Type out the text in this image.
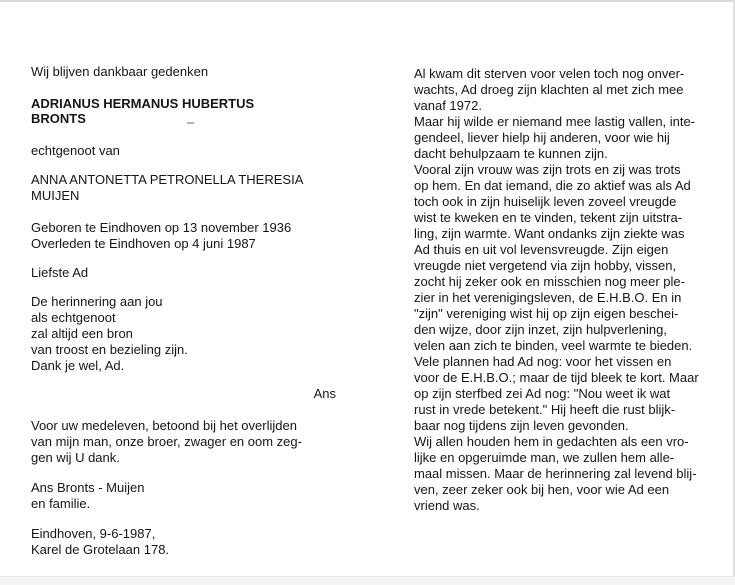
Wij blijven dankbaar gedenken

ADRIANUS HERMANUS HUBERTUS
BRONTS

echtgenoot van

ANNA ANTONETTA PETRONELLA THERESIA
MUIJEN

Geboren te Eindhoven op 13 november 1936
Overleden te Eindhoven op 4 juni 1987

Liefste Ad

De herinnering aan jou
als echtgenoot
zal altijd een bron
van troost en bezieling zijn.
Dank je wel, Ad.

Ans

Voor uw medeleven, betoond bij het overlijden
van mijn man, onze broer, zwager en oom zeg-
gen wij U dank.

Ans Bronts - Muijen
en familie.

Eindhoven, 9-6-1987,
Karel de Grotelaan 178.

Al kwam dit sterven voor velen toch nog onver-
wachts, Ad droeg zijn klachten al met zich mee
vanaf 1972.

Maar hij wilde er niemand mee lastig vallen, inte-
gendeel, liever hielp hij anderen, voor wie hij
dacht behulpzaam te kunnen zijn.

Vooral zijn vrouw was zijn trots en zij was trots
op hem. En dat iemand, die zo aktief was als Ad
toch ook in zijn huiselijk leven zoveel vreugde
wist te kweken en te vinden, tekent zijn uitstra-
ling, zijn warmte. Want ondanks zijn ziekte was
Ad thuis en uit vol levensvreugde. Zijn eigen
vreugde niet vergetend via zijn hobby, vissen,
zocht hij zeker ook en misschien nog meer ple-
zier in het verenigingsleven, de E.H.B.O. En in
"zijn" vereniging wist hij op zijn eigen beschei-
den wijze, door zijn inzet, zijn hulpverlening,
velen aan zich te binden, veel warmte te bieden.

Vele plannen had Ad nog: voor het vissen en
voor de E.H.B.O.; maar de tijd bleek te kort. Maar
op zijn sterfbed zei Ad nog: "Nou weet ik wat
rust in vrede betekent." Hij heeft die rust blijk-
baar nog tijdens zijn leven gevonden.

Wij allen houden hem in gedachten als een vro-
lijke en opgeruimde man, we zullen hem alle-
maal missen. Maar de herinnering zal levend blij-
ven, zeer zeker ook bij hen, voor wie Ad een
vriend was.
